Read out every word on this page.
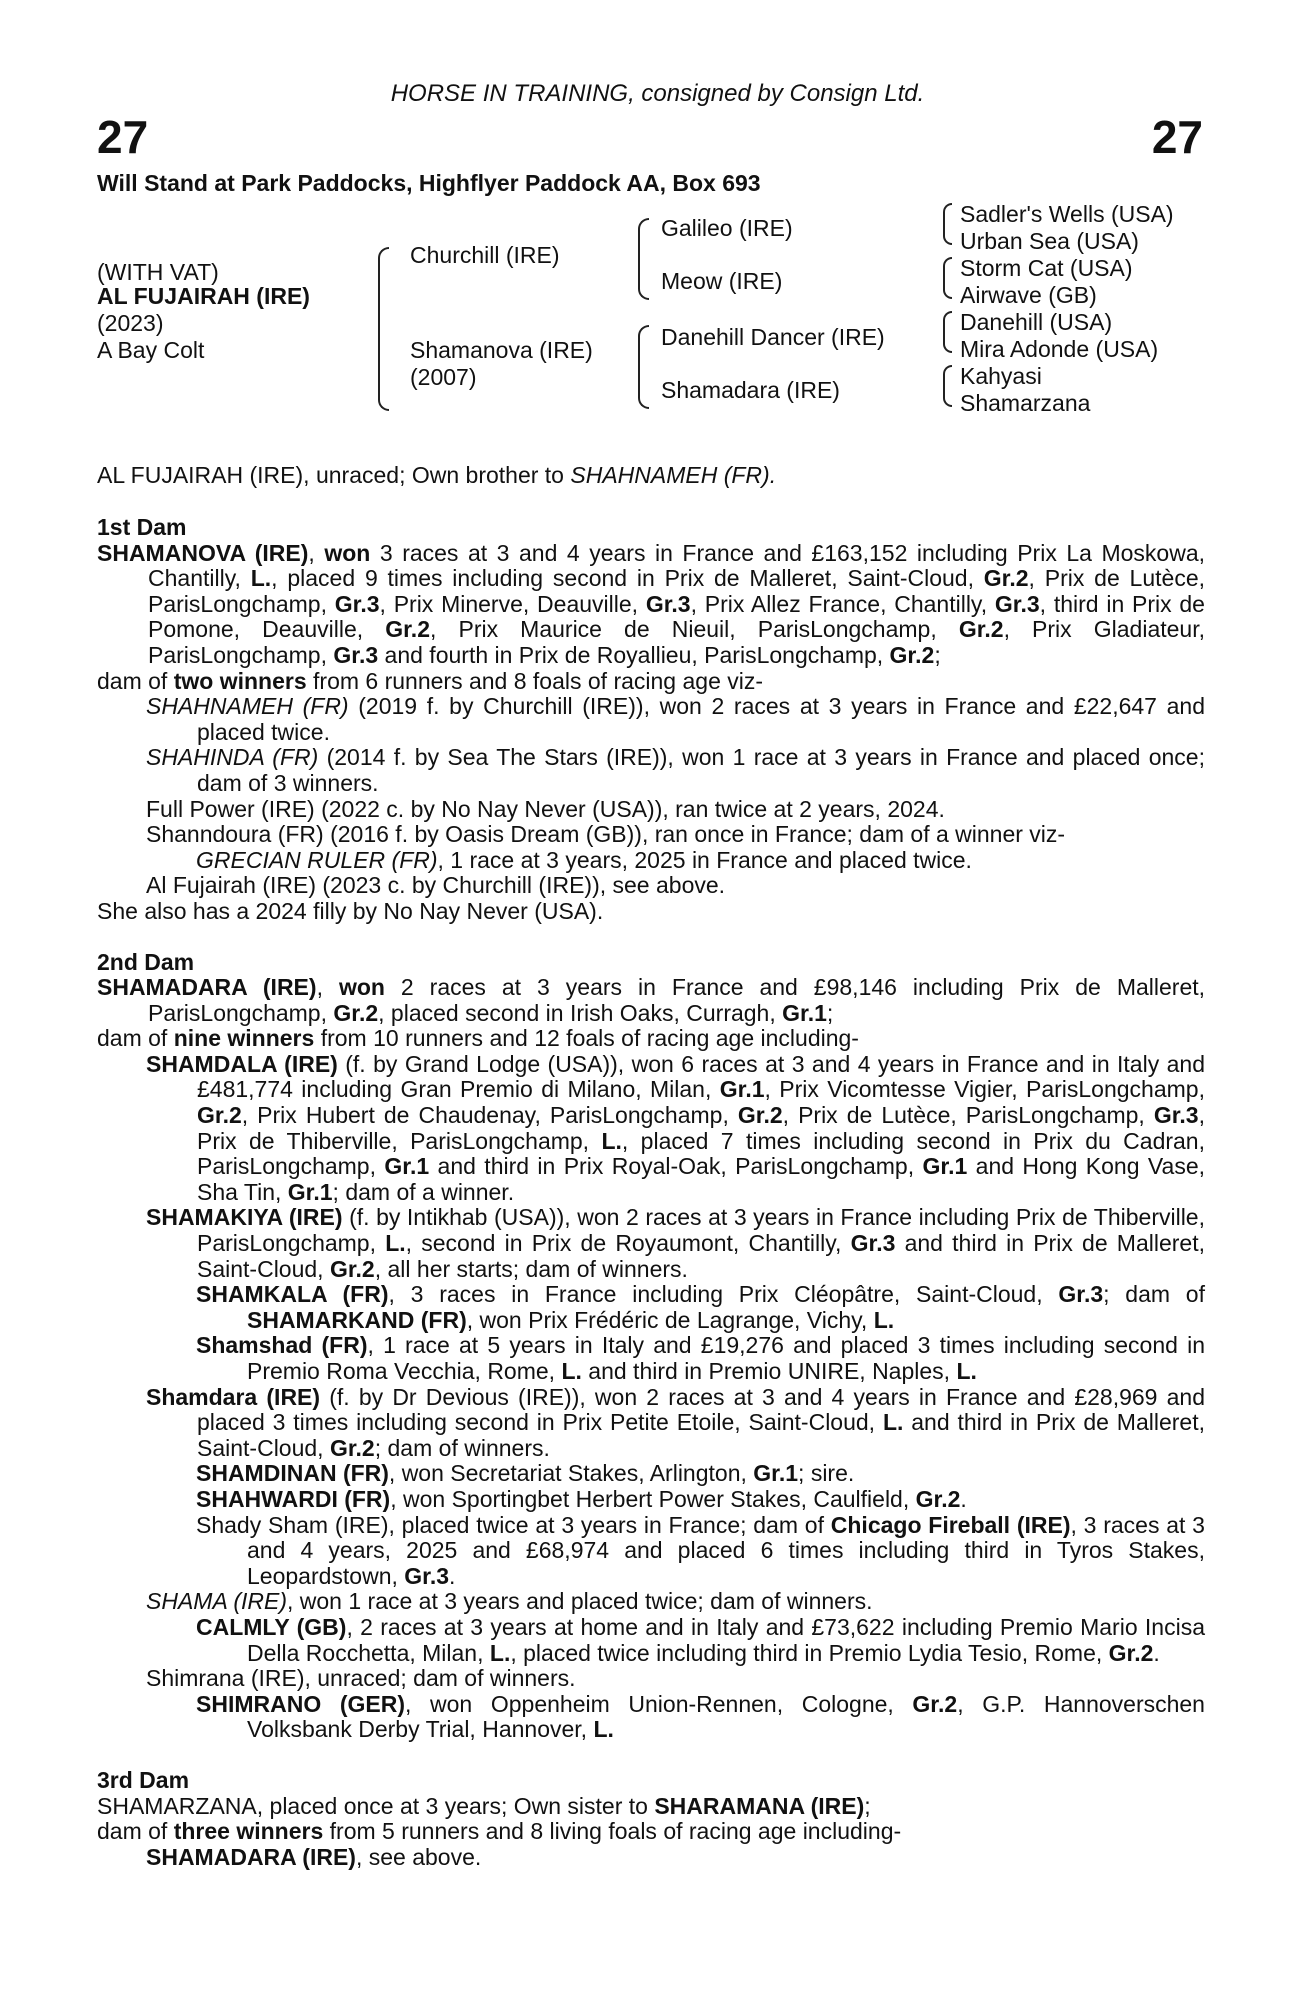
HORSE IN TRAINING, consigned by Consign Ltd.
27	27
Will Stand at Park Paddocks, Highflyer Paddock AA, Box 693
(WITH VAT)
AL FUJAIRAH (IRE)
(2023)
A Bay Colt
Churchill (IRE)
Shamanova (IRE)
(2007)
Galileo (IRE)
Meow (IRE)
Danehill Dancer (IRE)
Shamadara (IRE)
Sadler's Wells (USA)
Urban Sea (USA)
Storm Cat (USA)
Airwave (GB)
Danehill (USA)
Mira Adonde (USA)
Kahyasi
Shamarzana
AL FUJAIRAH (IRE), unraced; Own brother to SHAHNAMEH (FR).

1st Dam

SHAMANOVA (IRE), won 3 races at 3 and 4 years in France and £163,152 including Prix La Moskowa, Chantilly, L., placed 9 times including second in Prix de Malleret, Saint-Cloud, Gr.2, Prix de Lutèce, ParisLongchamp, Gr.3, Prix Minerve, Deauville, Gr.3, Prix Allez France, Chantilly, Gr.3, third in Prix de Pomone, Deauville, Gr.2, Prix Maurice de Nieuil, ParisLongchamp, Gr.2, Prix Gladiateur, ParisLongchamp, Gr.3 and fourth in Prix de Royallieu, ParisLongchamp, Gr.2;

dam of two winners from 6 runners and 8 foals of racing age viz-

SHAHNAMEH (FR) (2019 f. by Churchill (IRE)), won 2 races at 3 years in France and £22,647 and placed twice.

SHAHINDA (FR) (2014 f. by Sea The Stars (IRE)), won 1 race at 3 years in France and placed once; dam of 3 winners.

Full Power (IRE) (2022 c. by No Nay Never (USA)), ran twice at 2 years, 2024.

Shanndoura (FR) (2016 f. by Oasis Dream (GB)), ran once in France; dam of a winner viz-

GRECIAN RULER (FR), 1 race at 3 years, 2025 in France and placed twice.

Al Fujairah (IRE) (2023 c. by Churchill (IRE)), see above.

She also has a 2024 filly by No Nay Never (USA).

2nd Dam

SHAMADARA (IRE), won 2 races at 3 years in France and £98,146 including Prix de Malleret, ParisLongchamp, Gr.2, placed second in Irish Oaks, Curragh, Gr.1;

dam of nine winners from 10 runners and 12 foals of racing age including-

SHAMDALA (IRE) (f. by Grand Lodge (USA)), won 6 races at 3 and 4 years in France and in Italy and £481,774 including Gran Premio di Milano, Milan, Gr.1, Prix Vicomtesse Vigier, ParisLongchamp, Gr.2, Prix Hubert de Chaudenay, ParisLongchamp, Gr.2, Prix de Lutèce, ParisLongchamp, Gr.3, Prix de Thiberville, ParisLongchamp, L., placed 7 times including second in Prix du Cadran, ParisLongchamp, Gr.1 and third in Prix Royal-Oak, ParisLongchamp, Gr.1 and Hong Kong Vase, Sha Tin, Gr.1; dam of a winner.

SHAMAKIYA (IRE) (f. by Intikhab (USA)), won 2 races at 3 years in France including Prix de Thiberville, ParisLongchamp, L., second in Prix de Royaumont, Chantilly, Gr.3 and third in Prix de Malleret, Saint-Cloud, Gr.2, all her starts; dam of winners.

SHAMKALA (FR), 3 races in France including Prix Cléopâtre, Saint-Cloud, Gr.3; dam of SHAMARKAND (FR), won Prix Frédéric de Lagrange, Vichy, L.

Shamshad (FR), 1 race at 5 years in Italy and £19,276 and placed 3 times including second in Premio Roma Vecchia, Rome, L. and third in Premio UNIRE, Naples, L.

Shamdara (IRE) (f. by Dr Devious (IRE)), won 2 races at 3 and 4 years in France and £28,969 and placed 3 times including second in Prix Petite Etoile, Saint-Cloud, L. and third in Prix de Malleret, Saint-Cloud, Gr.2; dam of winners.

SHAMDINAN (FR), won Secretariat Stakes, Arlington, Gr.1; sire.

SHAHWARDI (FR), won Sportingbet Herbert Power Stakes, Caulfield, Gr.2.

Shady Sham (IRE), placed twice at 3 years in France; dam of Chicago Fireball (IRE), 3 races at 3 and 4 years, 2025 and £68,974 and placed 6 times including third in Tyros Stakes, Leopardstown, Gr.3.

SHAMA (IRE), won 1 race at 3 years and placed twice; dam of winners.

CALMLY (GB), 2 races at 3 years at home and in Italy and £73,622 including Premio Mario Incisa Della Rocchetta, Milan, L., placed twice including third in Premio Lydia Tesio, Rome, Gr.2.

Shimrana (IRE), unraced; dam of winners.

SHIMRANO (GER), won Oppenheim Union-Rennen, Cologne, Gr.2, G.P. Hannoverschen Volksbank Derby Trial, Hannover, L.

3rd Dam

SHAMARZANA, placed once at 3 years; Own sister to SHARAMANA (IRE);

dam of three winners from 5 runners and 8 living foals of racing age including-

SHAMADARA (IRE), see above.
